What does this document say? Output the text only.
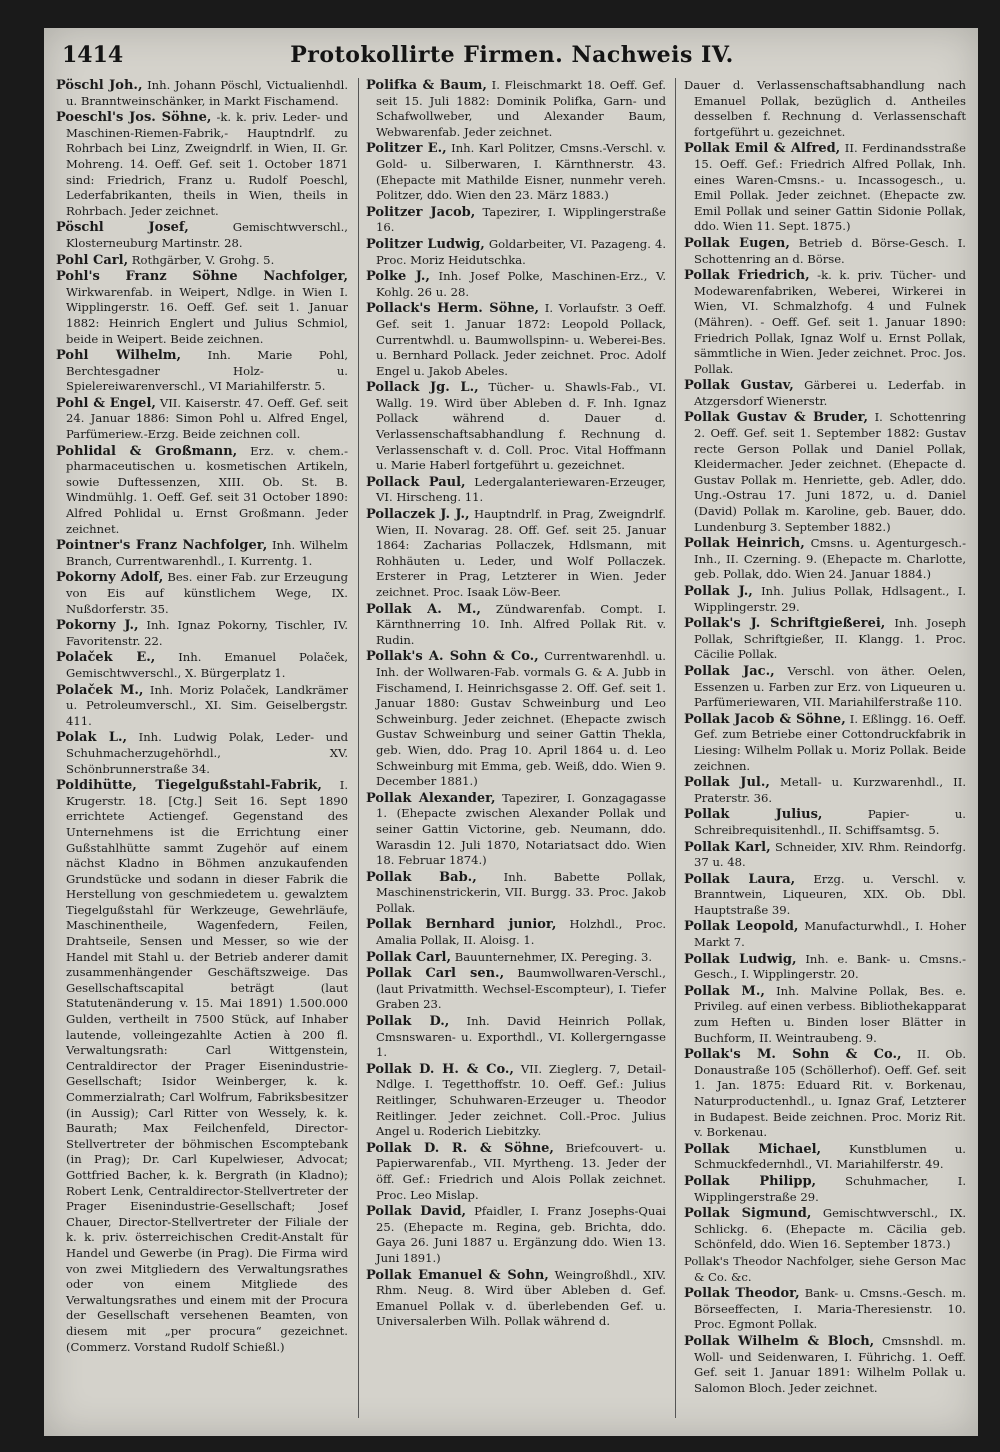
1414	Protokollirte Firmen. Nachweis IV.

Pöschl Joh., Inh. Johann Pöschl, Victualienhdl. u. Branntweinschänker, in Markt Fischamend.

Poeschl's Jos. Söhne, -k. k. priv. Leder- und Maschinen-Riemen-Fabrik,- Hauptndrlf. zu Rohrbach bei Linz, Zweigndrlf. in Wien, II. Gr. Mohreng. 14. Oeff. Gef. seit 1. October 1871 sind: Friedrich, Franz u. Rudolf Poeschl, Lederfabrikanten, theils in Wien, theils in Rohrbach. Jeder zeichnet.

Pöschl Josef,	Gemischtwverschl., Klosterneuburg Martinstr. 28.

Pohl Carl, Rothgärber, V. Grohg. 5.

Pohl's Franz Söhne Nachfolger, Wirkwarenfab. in Weipert, Ndlge. in Wien I. Wipplingerstr. 16. Oeff. Gef. seit 1. Januar 1882: Heinrich Englert und Julius Schmiol, beide in Weipert. Beide zeichnen.

Pohl Wilhelm, Inh. Marie Pohl, Berchtesgadner Holz- u. Spielereiwarenverschl., VI Mariahilferstr. 5.

Pohl & Engel, VII. Kaiserstr. 47. Oeff. Gef. seit 24. Januar 1886: Simon Pohl u. Alfred Engel, Parfümeriew.-Erzg. Beide zeichnen coll.

Pohlidal & Großmann, Erz. v. chem.-pharmaceutischen u. kosmetischen Artikeln, sowie Duftessenzen, XIII. Ob. St. B. Windmühlg. 1. Oeff. Gef. seit 31 October 1890: Alfred Pohlidal u. Ernst Großmann. Jeder zeichnet.

Pointner's Franz Nachfolger, Inh. Wilhelm Branch, Currentwarenhdl., I. Kurrentg. 1.

Pokorny Adolf, Bes. einer Fab. zur Erzeugung von Eis auf künstlichem Wege, IX. Nußdorferstr. 35.

Pokorny J., Inh. Ignaz Pokorny, Tischler, IV. Favoritenstr. 22.

Polaček E., Inh. Emanuel Polaček, Gemischtwverschl., X. Bürgerplatz 1.

Polaček M., Inh. Moriz Polaček, Landkrämer u. Petroleumverschl., XI. Sim. Geiselbergstr. 411.

Polak L., Inh. Ludwig Polak, Leder- und Schuhmacherzugehörhdl., XV. Schönbrunnerstraße 34.

Poldihütte, Tiegelgußstahl-Fabrik, I. Krugerstr. 18. [Ctg.] Seit 16. Sept 1890 errichtete Actiengef. Gegenstand des Unternehmens ist die Errichtung einer Gußstahlhütte sammt Zugehör auf einem nächst Kladno in Böhmen anzukaufenden Grundstücke und sodann in dieser Fabrik die Herstellung von geschmiedetem u. gewalztem Tiegelgußstahl für Werkzeuge, Gewehrläufe, Maschinentheile, Wagenfedern, Feilen, Drahtseile, Sensen und Messer, so wie der Handel mit Stahl u. der Betrieb anderer damit zusammenhängender Geschäftszweige. Das Gesellschaftscapital beträgt (laut Statutenänderung v. 15. Mai 1891) 1.500.000 Gulden, vertheilt in 7500 Stück, auf Inhaber lautende, volleingezahlte Actien à 200 fl. Verwaltungsrath: Carl Wittgenstein, Centraldirector der Prager Eisenindustrie-Gesellschaft; Isidor Weinberger, k. k. Commerzialrath; Carl Wolfrum, Fabriksbesitzer (in Aussig); Carl Ritter von Wessely, k. k. Baurath; Max Feilchenfeld, Director-Stellvertreter der böhmischen Escomptebank (in Prag); Dr. Carl Kupelwieser, Advocat; Gottfried Bacher, k. k. Bergrath (in Kladno); Robert Lenk, Centraldirector-Stellvertreter der Prager Eisenindustrie-Gesellschaft; Josef Chauer, Director-Stellvertreter der Filiale der k. k. priv. österreichischen Credit-Anstalt für Handel und Gewerbe (in Prag). Die Firma wird von zwei Mitgliedern des Verwaltungsrathes oder von einem Mitgliede des Verwaltungsrathes und einem mit der Procura der Gesellschaft versehenen Beamten, von diesem mit „per procura“ gezeichnet. (Commerz. Vorstand Rudolf Schießl.)

Polifka & Baum, I. Fleischmarkt 18. Oeff. Gef. seit 15. Juli 1882: Dominik Polifka, Garn- und Schafwollweber, und Alexander Baum, Webwarenfab. Jeder zeichnet.

Politzer E., Inh. Karl Politzer, Cmsns.-Verschl. v. Gold- u. Silberwaren, I. Kärnthnerstr. 43. (Ehepacte mit Mathilde Eisner, nunmehr vereh. Politzer, ddo. Wien den 23. März 1883.)

Politzer Jacob, Tapezirer, I. Wipplingerstraße 16.

Politzer Ludwig, Goldarbeiter, VI. Pazageng. 4. Proc. Moriz Heidutschka.

Polke J., Inh. Josef Polke, Maschinen-Erz., V. Kohlg. 26 u. 28.

Pollack's Herm. Söhne, I. Vorlaufstr. 3 Oeff. Gef. seit 1. Januar 1872: Leopold Pollack, Currentwhdl. u. Baumwollspinn- u. Weberei-Bes. u. Bernhard Pollack. Jeder zeichnet. Proc. Adolf Engel u. Jakob Abeles.

Pollack Jg. L., Tücher- u. Shawls-Fab., VI. Wallg. 19. Wird über Ableben d. F. Inh. Ignaz Pollack während d. Dauer d. Verlassenschaftsabhandlung f. Rechnung d. Verlassenschaft v. d. Coll. Proc. Vital Hoffmann u. Marie Haberl fortgeführt u. gezeichnet.

Pollack Paul, Ledergalanteriewaren-Erzeuger, VI. Hirscheng. 11.

Pollaczek J. J., Hauptndrlf. in Prag, Zweigndrlf. Wien, II. Novarag. 28. Off. Gef. seit 25. Januar 1864: Zacharias Pollaczek, Hdlsmann, mit Rohhäuten u. Leder, und Wolf Pollaczek. Ersterer in Prag, Letzterer in Wien. Jeder zeichnet. Proc. Isaak Löw-Beer.

Pollak A. M., Zündwarenfab. Compt. I. Kärnthnerring 10. Inh. Alfred Pollak Rit. v. Rudin.

Pollak's A. Sohn & Co., Currentwarenhdl. u. Inh. der Wollwaren-Fab. vormals G. & A. Jubb in Fischamend, I. Heinrichsgasse 2. Off. Gef. seit 1. Januar 1880: Gustav Schweinburg und Leo Schweinburg. Jeder zeichnet. (Ehepacte zwisch Gustav Schweinburg und seiner Gattin Thekla, geb. Wien, ddo. Prag 10. April 1864 u. d. Leo Schweinburg mit Emma, geb. Weiß, ddo. Wien 9. December 1881.)

Pollak Alexander, Tapezirer, I. Gonzagagasse 1. (Ehepacte zwischen Alexander Pollak und seiner Gattin Victorine, geb. Neumann, ddo. Warasdin 12. Juli 1870, Notariatsact ddo. Wien 18. Februar 1874.)

Pollak Bab., Inh. Babette Pollak, Maschinenstrickerin, VII. Burgg. 33. Proc. Jakob Pollak.

Pollak Bernhard junior, Holzhdl., Proc. Amalia Pollak, II. Aloisg. 1.

Pollak Carl, Bauunternehmer, IX. Pereging. 3.

Pollak Carl sen., Baumwollwaren-Verschl., (laut Privatmitth. Wechsel-Escompteur), I. Tiefer Graben 23.

Pollak D., Inh. David Heinrich Pollak, Cmsnswaren- u. Exporthdl., VI. Kollergerngasse 1.

Pollak D. H. & Co., VII. Zieglerg. 7, Detail-Ndlge. I. Tegetthoffstr. 10. Oeff. Gef.: Julius Reitlinger, Schuhwaren-Erzeuger u. Theodor Reitlinger. Jeder zeichnet. Coll.-Proc. Julius Angel u. Roderich Liebitzky.

Pollak D. R. & Söhne, Briefcouvert- u. Papierwarenfab., VII. Myrtheng. 13. Jeder der öff. Gef.: Friedrich und Alois Pollak zeichnet. Proc. Leo Mislap.

Pollak David, Pfaidler, I. Franz Josephs-Quai 25. (Ehepacte m. Regina, geb. Brichta, ddo. Gaya 26. Juni 1887 u. Ergänzung ddo. Wien 13. Juni 1891.)

Pollak Emanuel & Sohn, Weingroßhdl., XIV. Rhm. Neug. 8. Wird über Ableben d. Gef. Emanuel Pollak v. d. überlebenden Gef. u. Universalerben Wilh. Pollak während d.

Dauer d. Verlassenschaftsabhandlung nach Emanuel Pollak, bezüglich d. Antheiles desselben f. Rechnung d. Verlassenschaft fortgeführt u. gezeichnet.

Pollak Emil & Alfred, II. Ferdinandsstraße 15. Oeff. Gef.: Friedrich Alfred Pollak, Inh. eines Waren-Cmsns.- u. Incassogesch., u. Emil Pollak. Jeder zeichnet. (Ehepacte zw. Emil Pollak und seiner Gattin Sidonie Pollak, ddo. Wien 11. Sept. 1875.)

Pollak Eugen, Betrieb d. Börse-Gesch. I. Schottenring an d. Börse.

Pollak Friedrich, -k. k. priv. Tücher- und Modewarenfabriken, Weberei, Wirkerei in Wien, VI. Schmalzhofg. 4 und Fulnek (Mähren). - Oeff. Gef. seit 1. Januar 1890: Friedrich Pollak, Ignaz Wolf u. Ernst Pollak, sämmtliche in Wien. Jeder zeichnet. Proc. Jos. Pollak.

Pollak Gustav, Gärberei u. Lederfab. in Atzgersdorf Wienerstr.

Pollak Gustav & Bruder, I. Schottenring 2. Oeff. Gef. seit 1. September 1882: Gustav recte Gerson Pollak und Daniel Pollak, Kleidermacher. Jeder zeichnet. (Ehepacte d. Gustav Pollak m. Henriette, geb. Adler, ddo. Ung.-Ostrau 17. Juni 1872, u. d. Daniel (David) Pollak m. Karoline, geb. Bauer, ddo. Lundenburg 3. September 1882.)

Pollak Heinrich, Cmsns. u. Agenturgesch.-Inh., II. Czerning. 9. (Ehepacte m. Charlotte, geb. Pollak, ddo. Wien 24. Januar 1884.)

Pollak J., Inh. Julius Pollak, Hdlsagent., I. Wipplingerstr. 29.

Pollak's J. Schriftgießerei, Inh. Joseph Pollak, Schriftgießer, II. Klangg. 1. Proc. Cäcilie Pollak.

Pollak Jac., Verschl. von äther. Oelen, Essenzen u. Farben zur Erz. von Liqueuren u. Parfümeriewaren, VII. Mariahilferstraße 110.

Pollak Jacob & Söhne, I. Eßlingg. 16. Oeff. Gef. zum Betriebe einer Cottondruckfabrik in Liesing: Wilhelm Pollak u. Moriz Pollak. Beide zeichnen.

Pollak Jul., Metall- u. Kurzwarenhdl., II. Praterstr. 36.

Pollak Julius,	Papier- u. Schreibrequisitenhdl., II. Schiffsamtsg. 5.

Pollak Karl, Schneider, XIV. Rhm. Reindorfg. 37 u. 48.

Pollak Laura, Erzg. u. Verschl. v. Branntwein, Liqueuren, XIX. Ob. Dbl. Hauptstraße 39.

Pollak Leopold, Manufacturwhdl., I. Hoher Markt 7.

Pollak Ludwig, Inh. e. Bank- u. Cmsns.-Gesch., I. Wipplingerstr. 20.

Pollak M., Inh. Malvine Pollak, Bes. e. Privileg. auf einen verbess. Bibliothekapparat zum Heften u. Binden loser Blätter in Buchform, II. Weintraubeng. 9.

Pollak's M. Sohn & Co., II. Ob. Donaustraße 105 (Schöllerhof). Oeff. Gef. seit 1. Jan. 1875: Eduard Rit. v. Borkenau, Naturproductenhdl., u. Ignaz Graf, Letzterer in Budapest. Beide zeichnen. Proc. Moriz Rit. v. Borkenau.

Pollak Michael, Kunstblumen u. Schmuckfedernhdl., VI. Mariahilferstr. 49.

Pollak Philipp,	Schuhmacher, I. Wipplingerstraße 29.

Pollak Sigmund, Gemischtwverschl., IX. Schlickg. 6. (Ehepacte m. Cäcilia geb. Schönfeld, ddo. Wien 16. September 1873.)

Pollak's Theodor Nachfolger, siehe Gerson Mac & Co. &c.

Pollak Theodor, Bank- u. Cmsns.-Gesch. m. Börseeffecten, I. Maria-Theresienstr. 10. Proc. Egmont Pollak.

Pollak Wilhelm & Bloch, Cmsnshdl. m. Woll- und Seidenwaren, I. Führichg. 1. Oeff. Gef. seit 1. Januar 1891: Wilhelm Pollak u. Salomon Bloch. Jeder zeichnet.
